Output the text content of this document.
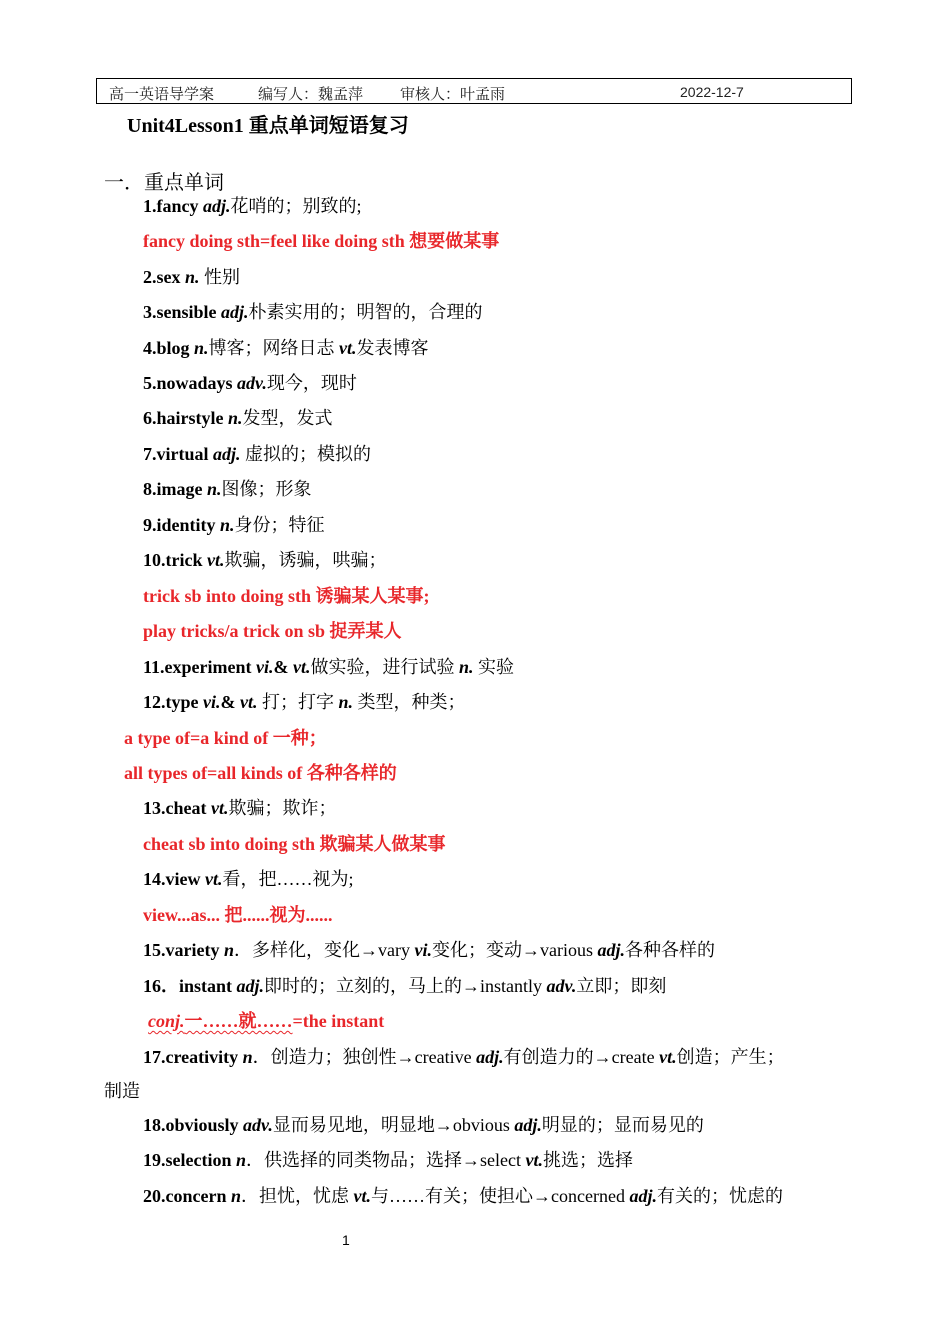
高一英语导学案	编写人：魏孟萍 审核人：叶孟雨	2022-12-7
Unit4Lesson1 重点单词短语复习
一．重点单词
1.fancy adj.花哨的；别致的;
fancy doing sth=feel like doing sth 想要做某事
2.sex n. 性别
3.sensible adj.朴素实用的；明智的，合理的
4.blog n.博客；网络日志 vt.发表博客
5.nowadays adv.现今，现时
6.hairstyle n.发型，发式
7.virtual adj. 虚拟的；模拟的
8.image n.图像；形象
9.identity n.身份；特征
10.trick vt.欺骗，诱骗，哄骗；
trick sb into doing sth 诱骗某人某事;
play tricks/a trick on sb 捉弄某人
11.experiment vi.& vt.做实验，进行试验 n. 实验
12.type vi.& vt. 打；打字 n. 类型，种类；
a type of=a kind of 一种；
all types of=all kinds of 各种各样的
13.cheat vt.欺骗；欺诈；
cheat sb into doing sth 欺骗某人做某事
14.view vt.看，把……视为;
view...as... 把......视为......
15.variety n．多样化，变化→vary vi.变化；变动→various adj.各种各样的
16．instant adj.即时的；立刻的，马上的→instantly adv.立即；即刻
conj.一……就……=the instant
17.creativity n．创造力；独创性→creative adj.有创造力的→create vt.创造；产生；
制造
18.obviously adv.显而易见地，明显地→obvious adj.明显的；显而易见的
19.selection n．供选择的同类物品；选择→select vt.挑选；选择
20.concern n．担忧，忧虑 vt.与……有关；使担心→concerned adj.有关的；忧虑的
1
